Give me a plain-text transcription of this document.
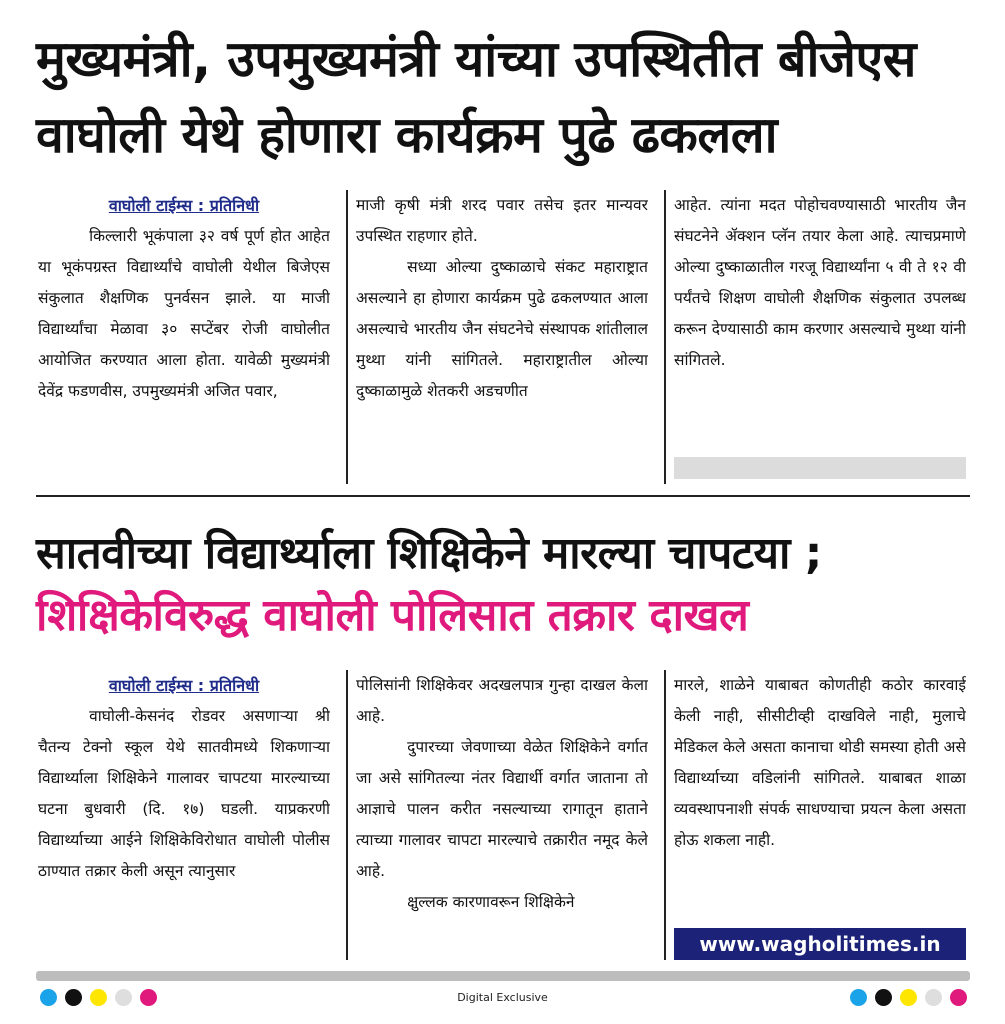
मुख्यमंत्री, उपमुख्यमंत्री यांच्या उपस्थितीत बीजेएस
वाघोली येथे होणारा कार्यक्रम पुढे ढकलला
वाघोली टाईम्स : प्रतिनिधी

किल्लारी भूकंपाला ३२ वर्ष पूर्ण होत आहेत या भूकंपग्रस्त विद्यार्थ्यांचे वाघोली येथील बिजेएस संकुलात शैक्षणिक पुनर्वसन झाले. या माजी विद्यार्थ्यांचा मेळावा ३० सप्टेंबर रोजी वाघोलीत आयोजित करण्यात आला होता. यावेळी मुख्यमंत्री देवेंद्र फडणवीस, उपमुख्यमंत्री अजित पवार,

माजी कृषी मंत्री शरद पवार तसेच इतर मान्यवर उपस्थित राहणार होते.

सध्या ओल्या दुष्काळाचे संकट महाराष्ट्रात असल्याने हा होणारा कार्यक्रम पुढे ढकलण्यात आला असल्याचे भारतीय जैन संघटनेचे संस्थापक शांतीलाल मुथ्था यांनी सांगितले. महाराष्ट्रातील ओल्या दुष्काळामुळे शेतकरी अडचणीत

आहेत. त्यांना मदत पोहोचवण्यासाठी भारतीय जैन संघटनेने ॲक्शन प्लॅन तयार केला आहे. त्याचप्रमाणे ओल्या दुष्काळातील गरजू विद्यार्थ्यांना ५ वी ते १२ वी पर्यंतचे शिक्षण वाघोली शैक्षणिक संकुलात उपलब्ध करून देण्यासाठी काम करणार असल्याचे मुथ्था यांनी सांगितले.

सातवीच्या विद्यार्थ्याला शिक्षिकेने मारल्या चापटया ;
शिक्षिकेविरुद्ध वाघोली पोलिसात तक्रार दाखल
वाघोली टाईम्स : प्रतिनिधी

वाघोली-केसनंद रोडवर असणाऱ्या श्री चैतन्य टेक्नो स्कूल येथे सातवीमध्ये शिकणाऱ्या विद्यार्थ्याला शिक्षिकेने गालावर चापटया मारल्याच्या घटना बुधवारी (दि. १७) घडली. याप्रकरणी विद्यार्थ्याच्या आईने शिक्षिकेविरोधात वाघोली पोलीस ठाण्यात तक्रार केली असून त्यानुसार

पोलिसांनी शिक्षिकेवर अदखलपात्र गुन्हा दाखल केला आहे.

दुपारच्या जेवणाच्या वेळेत शिक्षिकेने वर्गात जा असे सांगितल्या नंतर विद्यार्थी वर्गात जाताना तो आज्ञाचे पालन करीत नसल्याच्या रागातून हाताने त्याच्या गालावर चापटा मारल्याचे तक्रारीत नमूद केले आहे.

क्षुल्लक कारणावरून शिक्षिकेने

मारले, शाळेने याबाबत कोणतीही कठोर कारवाई केली नाही, सीसीटीव्ही दाखविले नाही, मुलाचे मेडिकल केले असता कानाचा थोडी समस्या होती असे विद्यार्थ्याच्या वडिलांनी सांगितले. याबाबत शाळा व्यवस्थापनाशी संपर्क साधण्याचा प्रयत्न केला असता होऊ शकला नाही.

www.wagholitimes.in
Digital Exclusive
